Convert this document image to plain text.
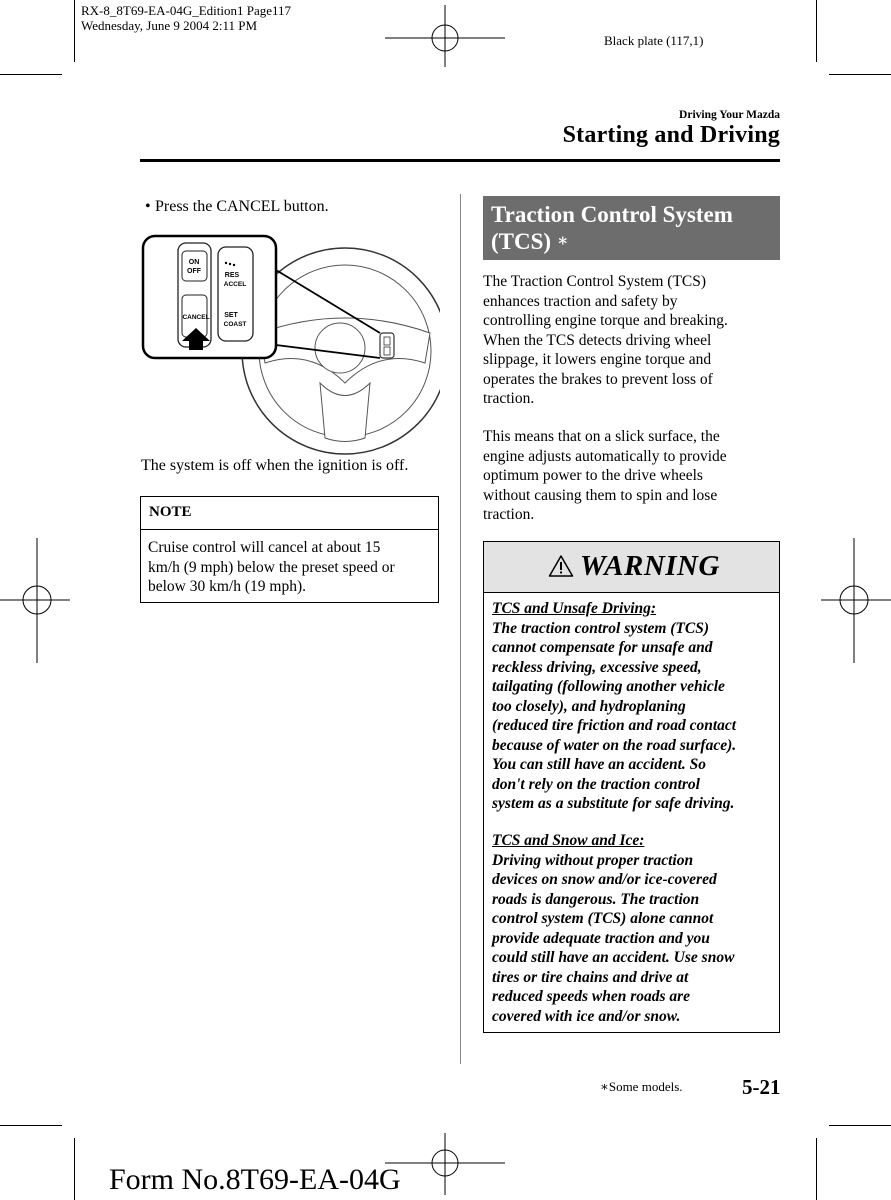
RX-8_8T69-EA-04G_Edition1 Page117
Wednesday, June 9 2004 2:11 PM
Black plate (117,1)
Driving Your Mazda
Starting and Driving
• Press the CANCEL button.
ON
OFF
CANCEL
RES
ACCEL
SET
COAST
The system is off when the ignition is off.
NOTE
Cruise control will cancel at about 15
km/h (9 mph) below the preset speed or
below 30 km/h (19 mph).
Traction Control System
(TCS) ∗
The Traction Control System (TCS)
enhances traction and safety by
controlling engine torque and breaking.
When the TCS detects driving wheel
slippage, it lowers engine torque and
operates the brakes to prevent loss of
traction.
This means that on a slick surface, the
engine adjusts automatically to provide
optimum power to the drive wheels
without causing them to spin and lose
traction.
WARNING
TCS and Unsafe Driving:
The traction control system (TCS)
cannot compensate for unsafe and
reckless driving, excessive speed,
tailgating (following another vehicle
too closely), and hydroplaning
(reduced tire friction and road contact
because of water on the road surface).
You can still have an accident. So
don't rely on the traction control
system as a substitute for safe driving.
TCS and Snow and Ice:
Driving without proper traction
devices on snow and/or ice-covered
roads is dangerous. The traction
control system (TCS) alone cannot
provide adequate traction and you
could still have an accident. Use snow
tires or tire chains and drive at
reduced speeds when roads are
covered with ice and/or snow.
∗Some models.	5-21
Form No.8T69-EA-04G
